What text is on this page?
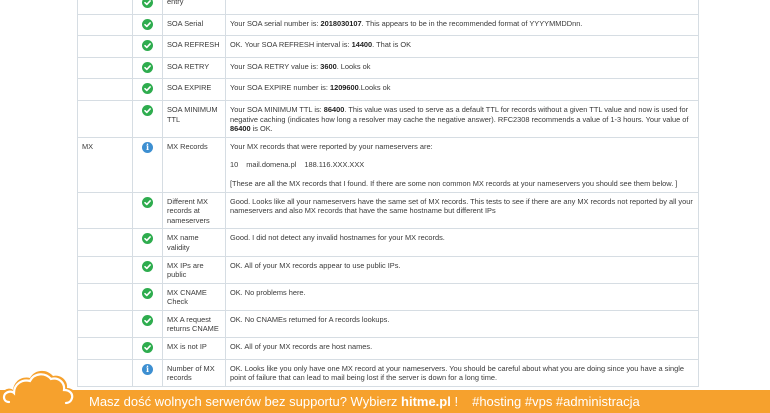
	entry	

	SOA Serial	Your SOA serial number is: 2018030107. This appears to be in the recommended format of YYYYMMDDnn.

	SOA REFRESH	OK. Your SOA REFRESH interval is: 14400. That is OK

	SOA RETRY	Your SOA RETRY value is: 3600. Looks ok

	SOA EXPIRE	Your SOA EXPIRE number is: 1209600.Looks ok

	SOA MINIMUM TTL	Your SOA MINIMUM TTL is: 86400. This value was used to serve as a default TTL for records without a given TTL value and now is used for negative caching (indicates how long a resolver may cache the negative answer). RFC2308 recommends a value of 1-3 hours. Your value of 86400 is OK.

MX	i	MX Records	Your MX records that were reported by your nameservers are:

10 mail.domena.pl 188.116.XXX.XXX

[These are all the MX records that I found. If there are some non common MX records at your nameservers you should see them below. ]

	Different MX records at nameservers	Good. Looks like all your nameservers have the same set of MX records. This tests to see if there are any MX records not reported by all your nameservers and also MX records that have the same hostname but different IPs

	MX name validity	Good. I did not detect any invalid hostnames for your MX records.

	MX IPs are public	OK. All of your MX records appear to use public IPs.

	MX CNAME Check	OK. No problems here.

	MX A request returns CNAME	OK. No CNAMEs returned for A records lookups.

	MX is not IP	OK. All of your MX records are host names.

	i	Number of MX records	OK. Looks like you only have one MX record at your nameservers. You should be careful about what you are doing since you have a single point of failure that can lead to mail being lost if the server is down for a long time.

Masz dość wolnych serwerów bez supportu? Wybierz hitme.pl ! #hosting #vps #administracja
